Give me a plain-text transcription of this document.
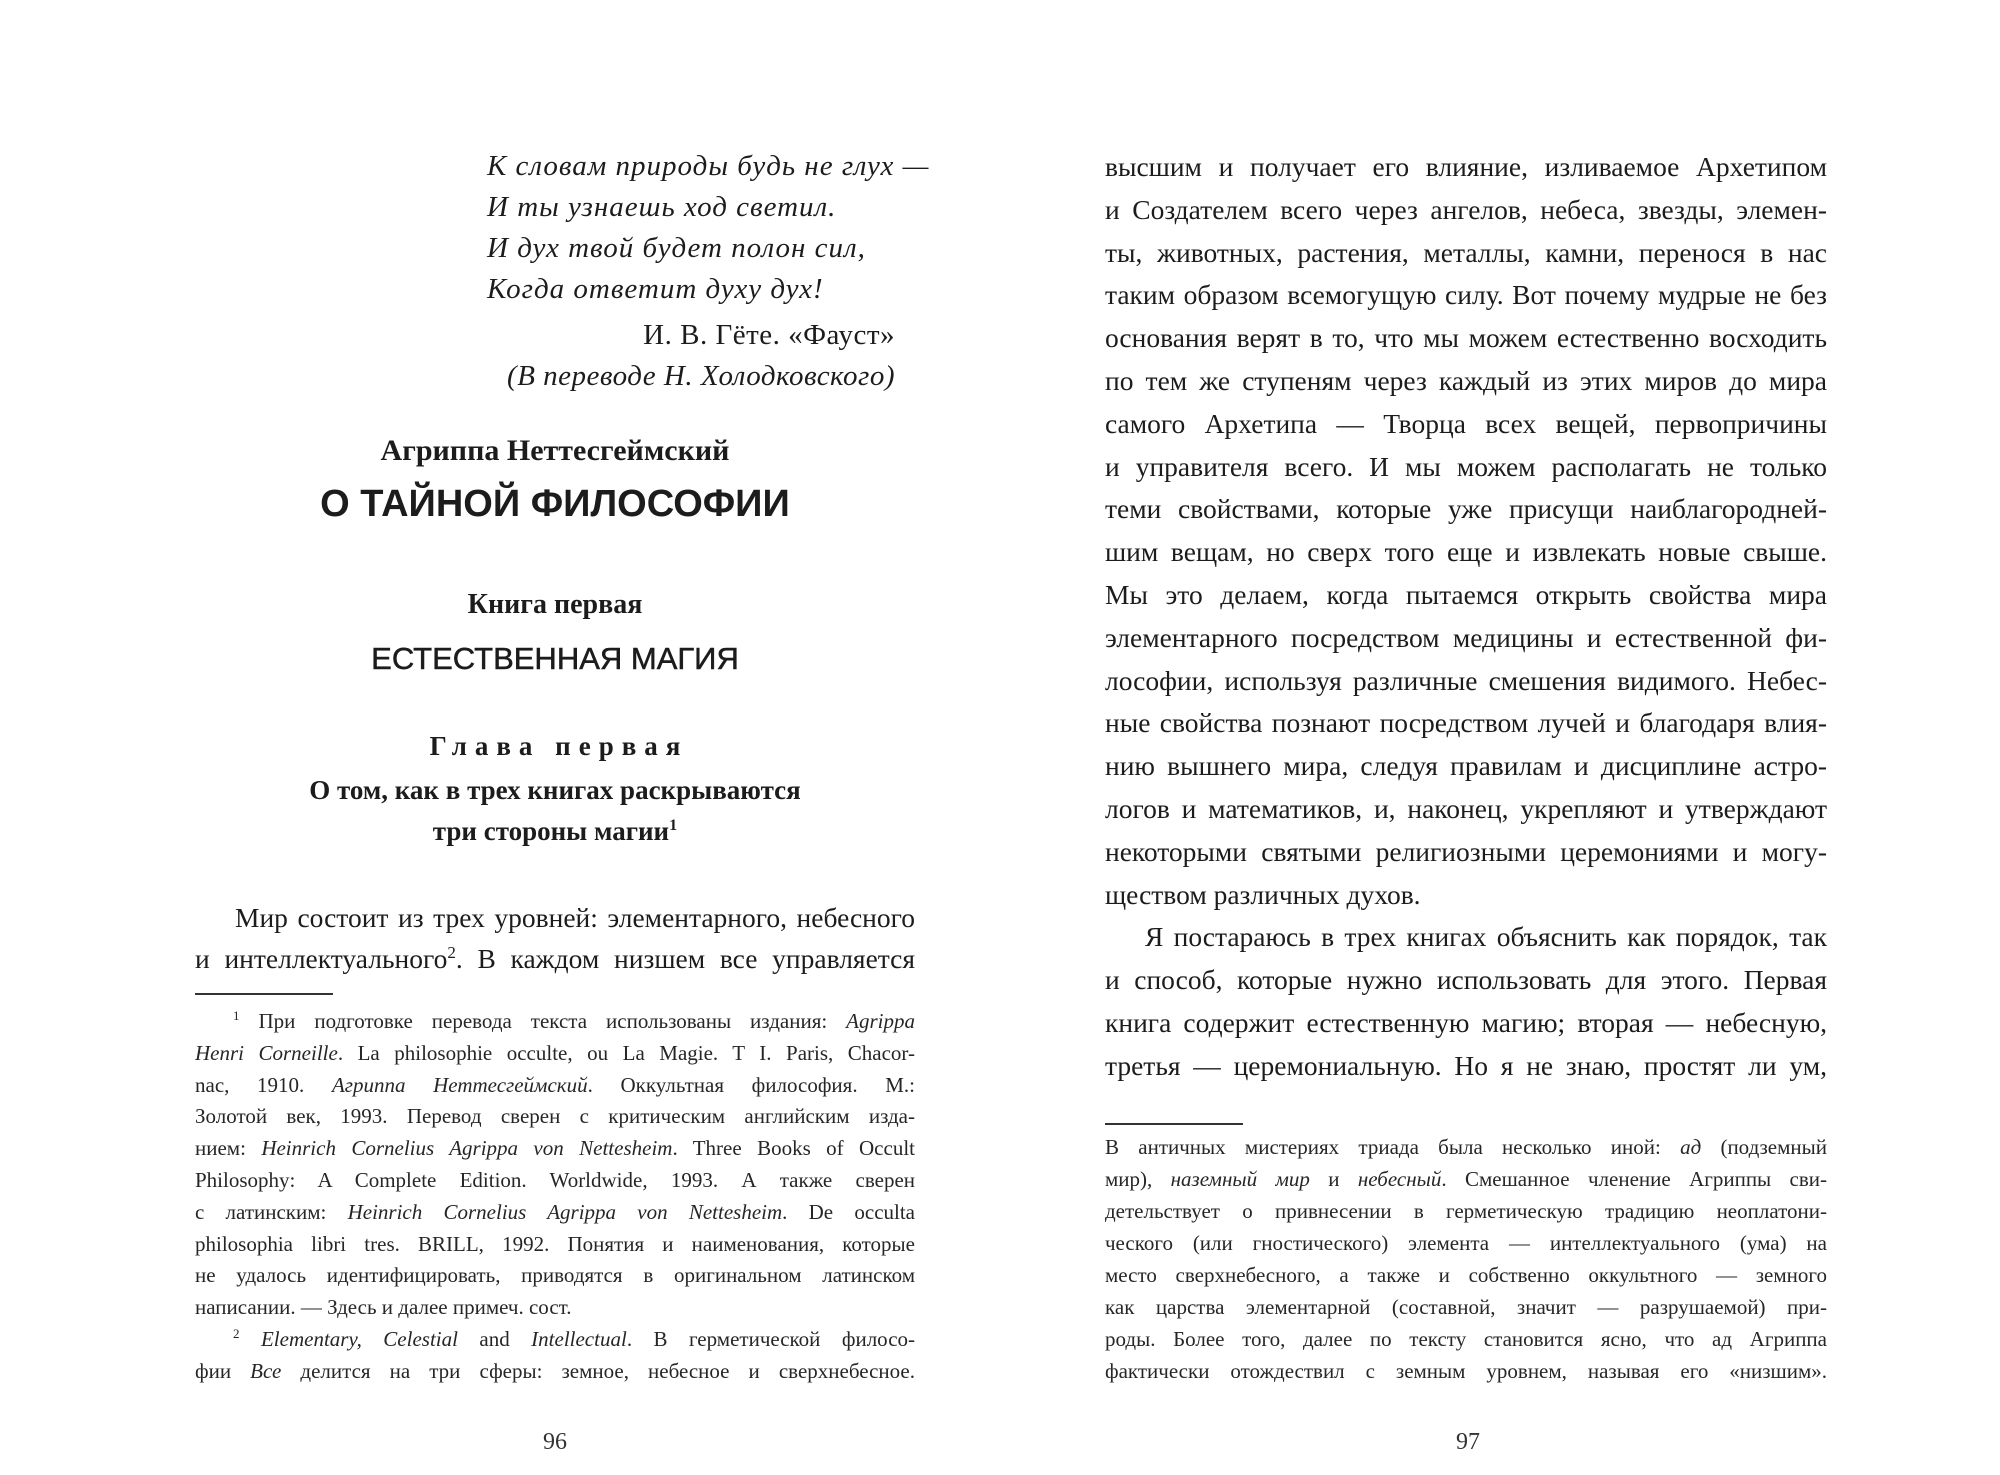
К словам природы будь не глух —
И ты узнаешь ход светил.
И дух твой будет полон сил,
Когда ответит духу дух!
И. В. Гёте. «Фауст»
(В переводе Н. Холодковского)
Агриппа Неттесгеймский
О ТАЙНОЙ ФИЛОСОФИИ
Книга первая
ЕСТЕСТВЕННАЯ МАГИЯ
Глава первая
О том, как в трех книгах раскрываются
три стороны магии$^1$
Мир состоит из трех уровней: элементарного, небесного
и интеллектуального$^2$. В каждом низшем все управляется
$^1$ При подготовке перевода текста использованы издания: Agrippa
Henri Corneille. La philosophie occulte, ou La Magie. T I. Paris, Chacor-
nac, 1910. Агриппа Неттесгеймский. Оккультная философия. М.:
Золотой век, 1993. Перевод сверен с критическим английским изда-
нием: Heinrich Cornelius Agrippa von Nettesheim. Three Books of Occult
Philosophy: A Complete Edition. Worldwide, 1993. А также сверен
с латинским: Heinrich Cornelius Agrippa von Nettesheim. De occulta
philosophia libri tres. BRILL, 1992. Понятия и наименования, которые
не удалось идентифицировать, приводятся в оригинальном латинском
написании. — Здесь и далее примеч. сост.
$^2$ Elementary, Celestial and Intellectual. В герметической филосо-
фии Все делится на три сферы: земное, небесное и сверхнебесное.
96
высшим и получает его влияние, изливаемое Архетипом
и Создателем всего через ангелов, небеса, звезды, элемен-
ты, животных, растения, металлы, камни, перенося в нас
таким образом всемогущую силу. Вот почему мудрые не без
основания верят в то, что мы можем естественно восходить
по тем же ступеням через каждый из этих миров до мира
самого Архетипа — Творца всех вещей, первопричины
и управителя всего. И мы можем располагать не только
теми свойствами, которые уже присущи наиблагородней-
шим вещам, но сверх того еще и извлекать новые свыше.
Мы это делаем, когда пытаемся открыть свойства мира
элементарного посредством медицины и естественной фи-
лософии, используя различные смешения видимого. Небес-
ные свойства познают посредством лучей и благодаря влия-
нию вышнего мира, следуя правилам и дисциплине астро-
логов и математиков, и, наконец, укрепляют и утверждают
некоторыми святыми религиозными церемониями и могу-
ществом различных духов.
Я постараюсь в трех книгах объяснить как порядок, так
и способ, которые нужно использовать для этого. Первая
книга содержит естественную магию; вторая — небесную,
третья — церемониальную. Но я не знаю, простят ли ум,
В античных мистериях триада была несколько иной: ад (подземный
мир), наземный мир и небесный. Смешанное членение Агриппы сви-
детельствует о привнесении в герметическую традицию неоплатони-
ческого (или гностического) элемента — интеллектуального (ума) на
место сверхнебесного, а также и собственно оккультного — земного
как царства элементарной (составной, значит — разрушаемой) при-
роды. Более того, далее по тексту становится ясно, что ад Агриппа
фактически отождествил с земным уровнем, называя его «низшим».
97
